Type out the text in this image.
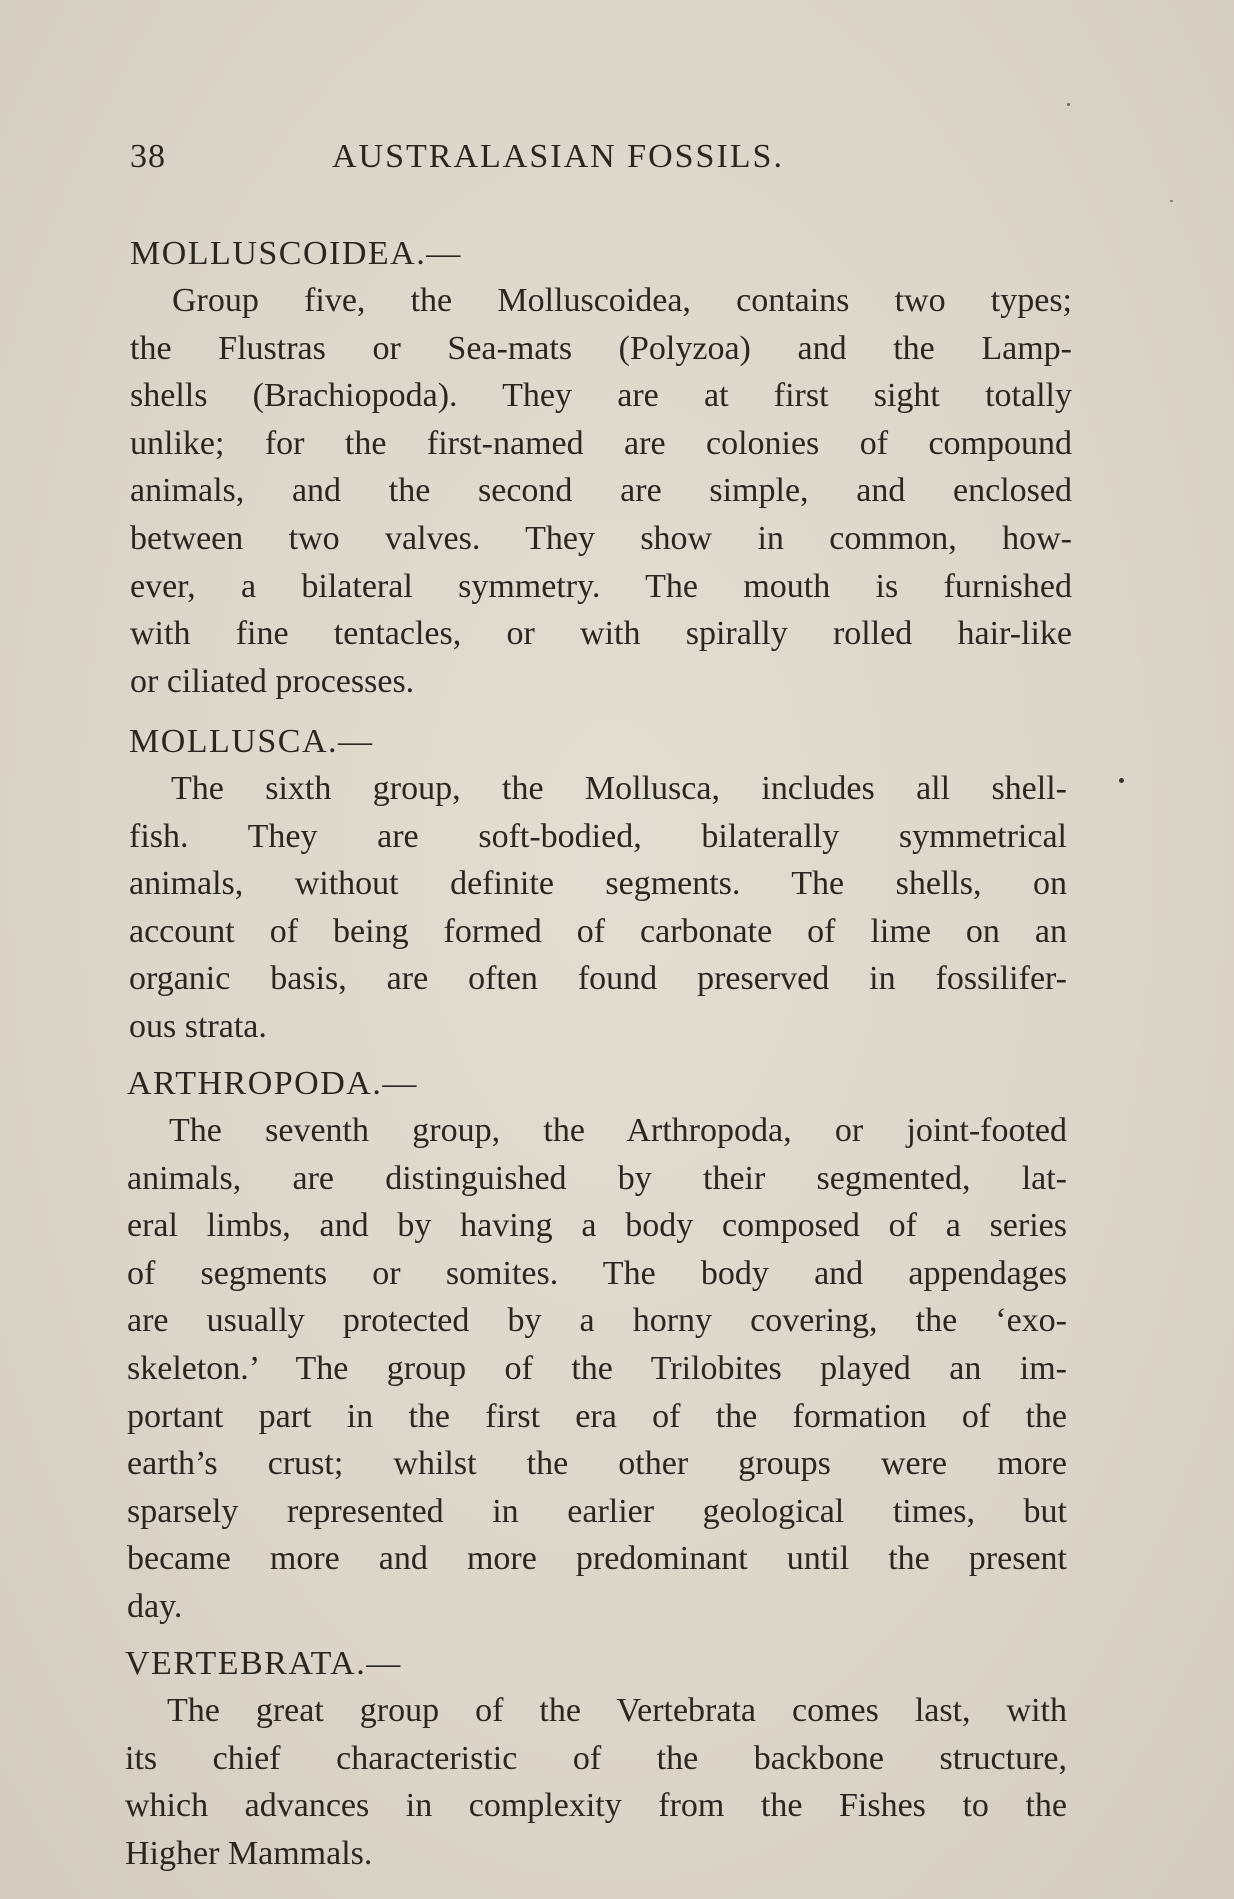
38	AUSTRALASIAN FOSSILS.

MOLLUSCOIDEA.—

Group five, the Molluscoidea, contains two types;
the Flustras or Sea-mats (Polyzoa) and the Lamp-
shells (Brachiopoda). They are at first sight totally
unlike; for the first-named are colonies of compound
animals, and the second are simple, and enclosed
between two valves. They show in common, how-
ever, a bilateral symmetry. The mouth is furnished
with fine tentacles, or with spirally rolled hair-like
or ciliated processes.

MOLLUSCA.—

The sixth group, the Mollusca, includes all shell-
fish. They are soft-bodied, bilaterally symmetrical
animals, without definite segments. The shells, on
account of being formed of carbonate of lime on an
organic basis, are often found preserved in fossilifer-
ous strata.

ARTHROPODA.—

The seventh group, the Arthropoda, or joint-footed
animals, are distinguished by their segmented, lat-
eral limbs, and by having a body composed of a series
of segments or somites. The body and appendages
are usually protected by a horny covering, the ‘exo-
skeleton.’ The group of the Trilobites played an im-
portant part in the first era of the formation of the
earth’s crust; whilst the other groups were more
sparsely represented in earlier geological times, but
became more and more predominant until the present
day.

VERTEBRATA.—

The great group of the Vertebrata comes last, with
its chief characteristic of the backbone structure,
which advances in complexity from the Fishes to the
Higher Mammals.
